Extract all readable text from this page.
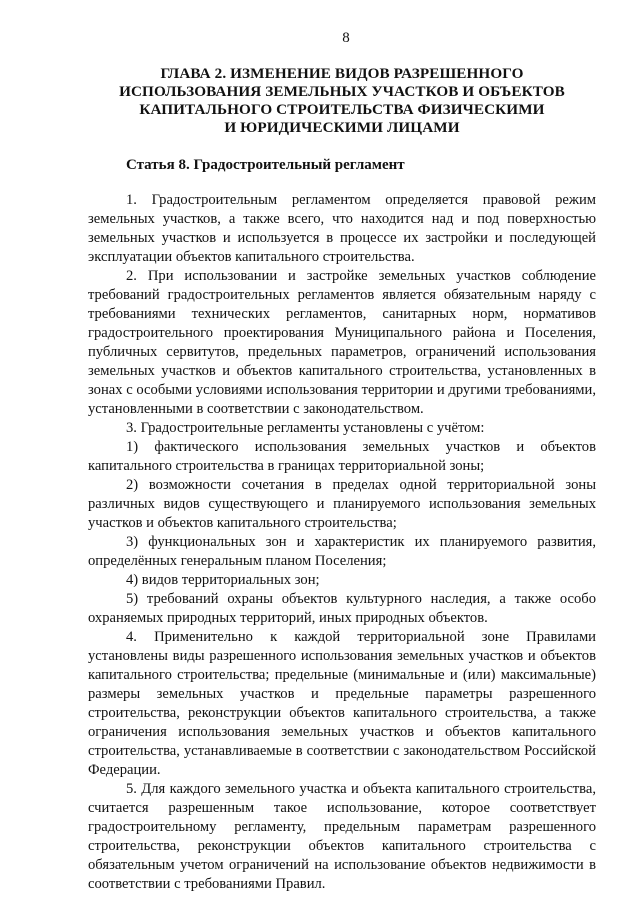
8
ГЛАВА 2. ИЗМЕНЕНИЕ ВИДОВ РАЗРЕШЕННОГО
ИСПОЛЬЗОВАНИЯ ЗЕМЕЛЬНЫХ УЧАСТКОВ И ОБЪЕКТОВ
КАПИТАЛЬНОГО СТРОИТЕЛЬСТВА ФИЗИЧЕСКИМИ
И ЮРИДИЧЕСКИМИ ЛИЦАМИ
Статья 8. Градостроительный регламент

1. Градостроительным регламентом определяется правовой режим земельных участков, а также всего, что находится над и под поверхностью земельных участков и используется в процессе их застройки и последующей эксплуатации объектов капитального строительства.

2. При использовании и застройке земельных участков соблюдение требований градостроительных регламентов является обязательным наряду с требованиями технических регламентов, санитарных норм, нормативов градостроительного проектирования Муниципального района и Поселения, публичных сервитутов, предельных параметров, ограничений использования земельных участков и объектов капитального строительства, установленных в зонах с особыми условиями использования территории и другими требованиями, установленными в соответствии с законодательством.

3. Градостроительные регламенты установлены с учётом:

1) фактического использования земельных участков и объектов капитального строительства в границах территориальной зоны;

2) возможности сочетания в пределах одной территориальной зоны различных видов существующего и планируемого использования земельных участков и объектов капитального строительства;

3) функциональных зон и характеристик их планируемого развития, определённых генеральным планом Поселения;

4) видов территориальных зон;

5) требований охраны объектов культурного наследия, а также особо охраняемых природных территорий, иных природных объектов.

4. Применительно к каждой территориальной зоне Правилами установлены виды разрешенного использования земельных участков и объектов капитального строительства; предельные (минимальные и (или) максимальные) размеры земельных участков и предельные параметры разрешенного строительства, реконструкции объектов капитального строительства, а также ограничения использования земельных участков и объектов капитального строительства, устанавливаемые в соответствии с законодательством Российской Федерации.

5. Для каждого земельного участка и объекта капитального строительства, считается разрешенным такое использование, которое соответствует градостроительному регламенту, предельным параметрам разрешенного строительства, реконструкции объектов капитального строительства с обязательным учетом ограничений на использование объектов недвижимости в соответствии с требованиями Правил.
